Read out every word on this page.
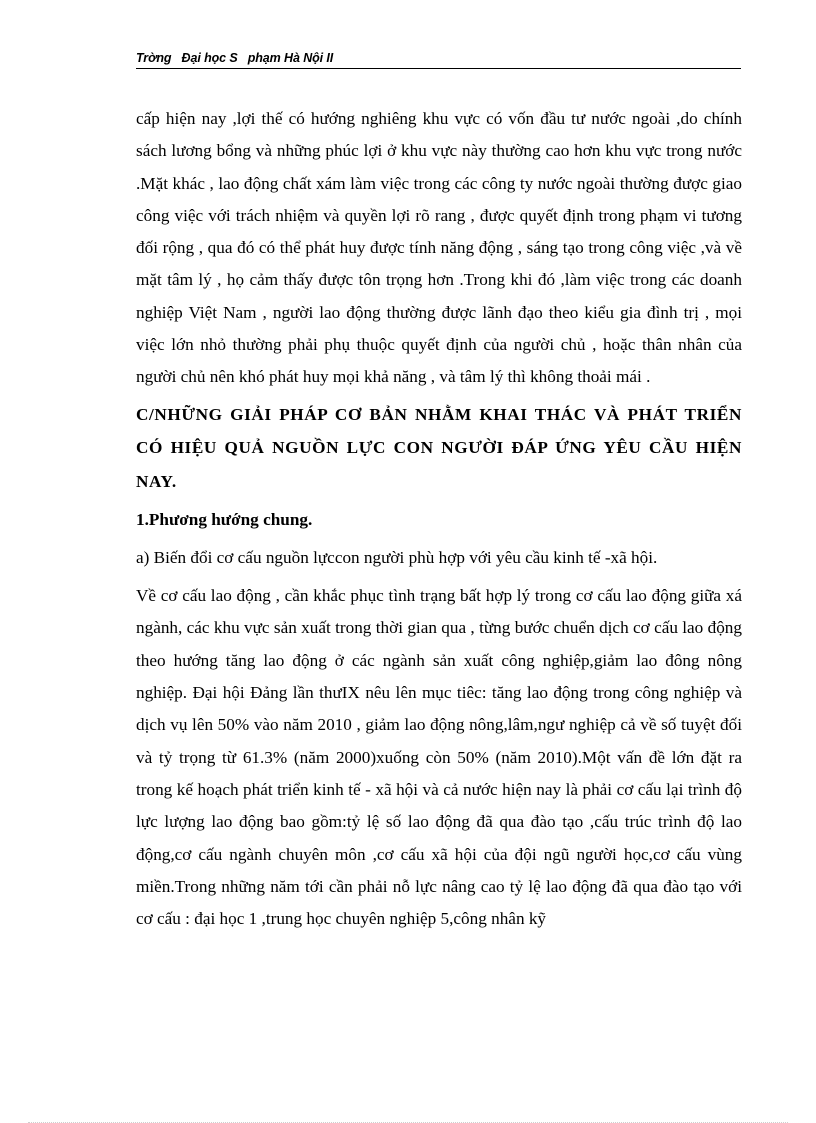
Trờng   Đại học S   phạm Hà Nội II

cấp hiện nay ,lợi thế có hướng nghiêng khu vực có vốn đầu tư nước ngoài ,do chính sách lương bổng và những phúc lợi ở khu vực này thường cao hơn khu vực trong nước .Mặt khác , lao động chất xám làm việc trong các công ty nước ngoài thường được giao công việc với trách nhiệm và quyền lợi rõ rang , được quyết định trong phạm vi tương đối rộng , qua đó có thể phát huy được tính năng động , sáng tạo trong công việc ,và về mặt tâm lý , họ cảm thấy được tôn trọng hơn .Trong khi đó ,làm việc trong các doanh nghiệp Việt Nam , người lao động thường được lãnh đạo theo kiểu gia đình trị , mọi việc lớn nhỏ thường phải phụ thuộc quyết định của người chủ , hoặc thân nhân của người chủ nên khó phát huy mọi khả năng , và tâm lý thì không thoải mái .

C/NHỮNG GIẢI PHÁP CƠ BẢN NHẰM KHAI THÁC VÀ PHÁT TRIỂN CÓ HIỆU QUẢ NGUỒN LỰC CON NGƯỜI ĐÁP ỨNG YÊU CẦU HIỆN NAY.

1.Phương hướng chung.

a) Biến đổi cơ cấu nguồn lựccon người phù hợp với yêu cầu kinh tế -xã hội.

Về cơ cấu lao động , cần khắc phục tình trạng bất hợp lý trong cơ cấu lao động giữa xá ngành, các khu vực sản xuất trong thời gian qua , từng bước chuển dịch cơ cấu lao động theo hướng tăng lao động ở các ngành sản xuất công nghiệp,giảm lao đông nông nghiệp. Đại hội Đảng lần thưIX nêu lên mục tiêc: tăng lao động trong công nghiệp và dịch vụ lên 50% vào năm 2010 , giảm lao động nông,lâm,ngư nghiệp cả về số tuyệt đối và tỷ trọng từ 61.3% (năm 2000)xuống còn 50% (năm 2010).Một vấn đề lớn đặt ra trong kế hoạch phát triển kinh tế - xã hội và cả nước hiện nay là phải cơ cấu lại trình độ lực lượng lao động bao gồm:tỷ lệ số lao động đã qua đào tạo ,cấu trúc trình độ lao động,cơ cấu ngành chuyên môn ,cơ cấu xã hội của đội ngũ người học,cơ cấu vùng miền.Trong những năm tới cần phải nỗ lực nâng cao tỷ lệ lao động đã qua đào tạo với cơ cấu : đại học 1 ,trung học chuyên nghiệp 5,công nhân kỹ
